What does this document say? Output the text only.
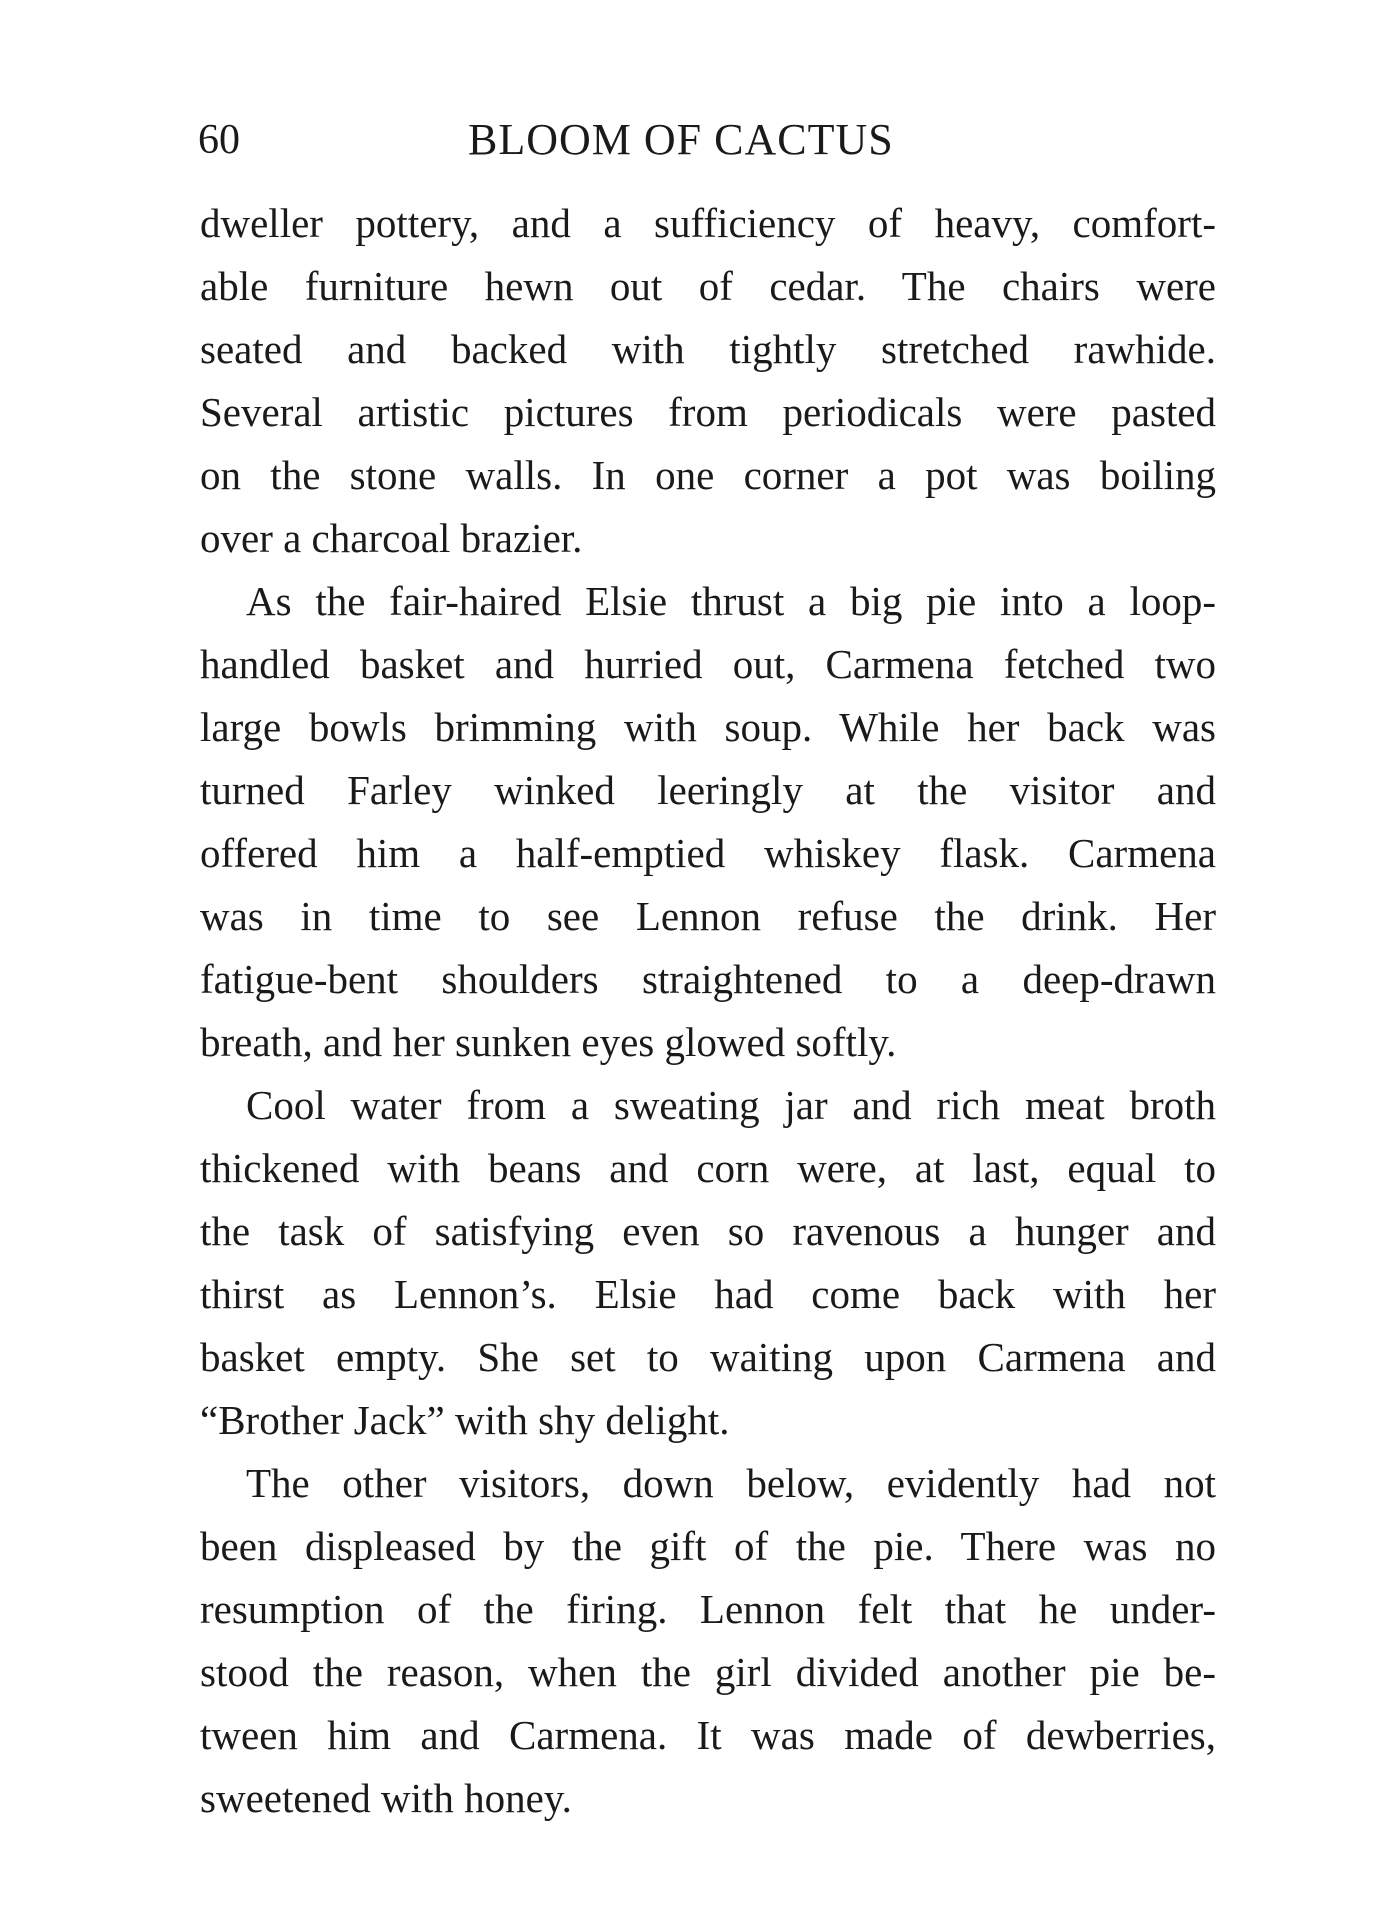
60	BLOOM OF CACTUS
dweller pottery, and a sufficiency of heavy, comfort-
able furniture hewn out of cedar. The chairs were
seated and backed with tightly stretched rawhide.
Several artistic pictures from periodicals were pasted
on the stone walls. In one corner a pot was boiling
over a charcoal brazier.
As the fair-haired Elsie thrust a big pie into a loop-
handled basket and hurried out, Carmena fetched two
large bowls brimming with soup. While her back was
turned Farley winked leeringly at the visitor and
offered him a half-emptied whiskey flask. Carmena
was in time to see Lennon refuse the drink. Her
fatigue-bent shoulders straightened to a deep-drawn
breath, and her sunken eyes glowed softly.
Cool water from a sweating jar and rich meat broth
thickened with beans and corn were, at last, equal to
the task of satisfying even so ravenous a hunger and
thirst as Lennon’s. Elsie had come back with her
basket empty. She set to waiting upon Carmena and
“Brother Jack” with shy delight.
The other visitors, down below, evidently had not
been displeased by the gift of the pie. There was no
resumption of the firing. Lennon felt that he under-
stood the reason, when the girl divided another pie be-
tween him and Carmena. It was made of dewberries,
sweetened with honey.
